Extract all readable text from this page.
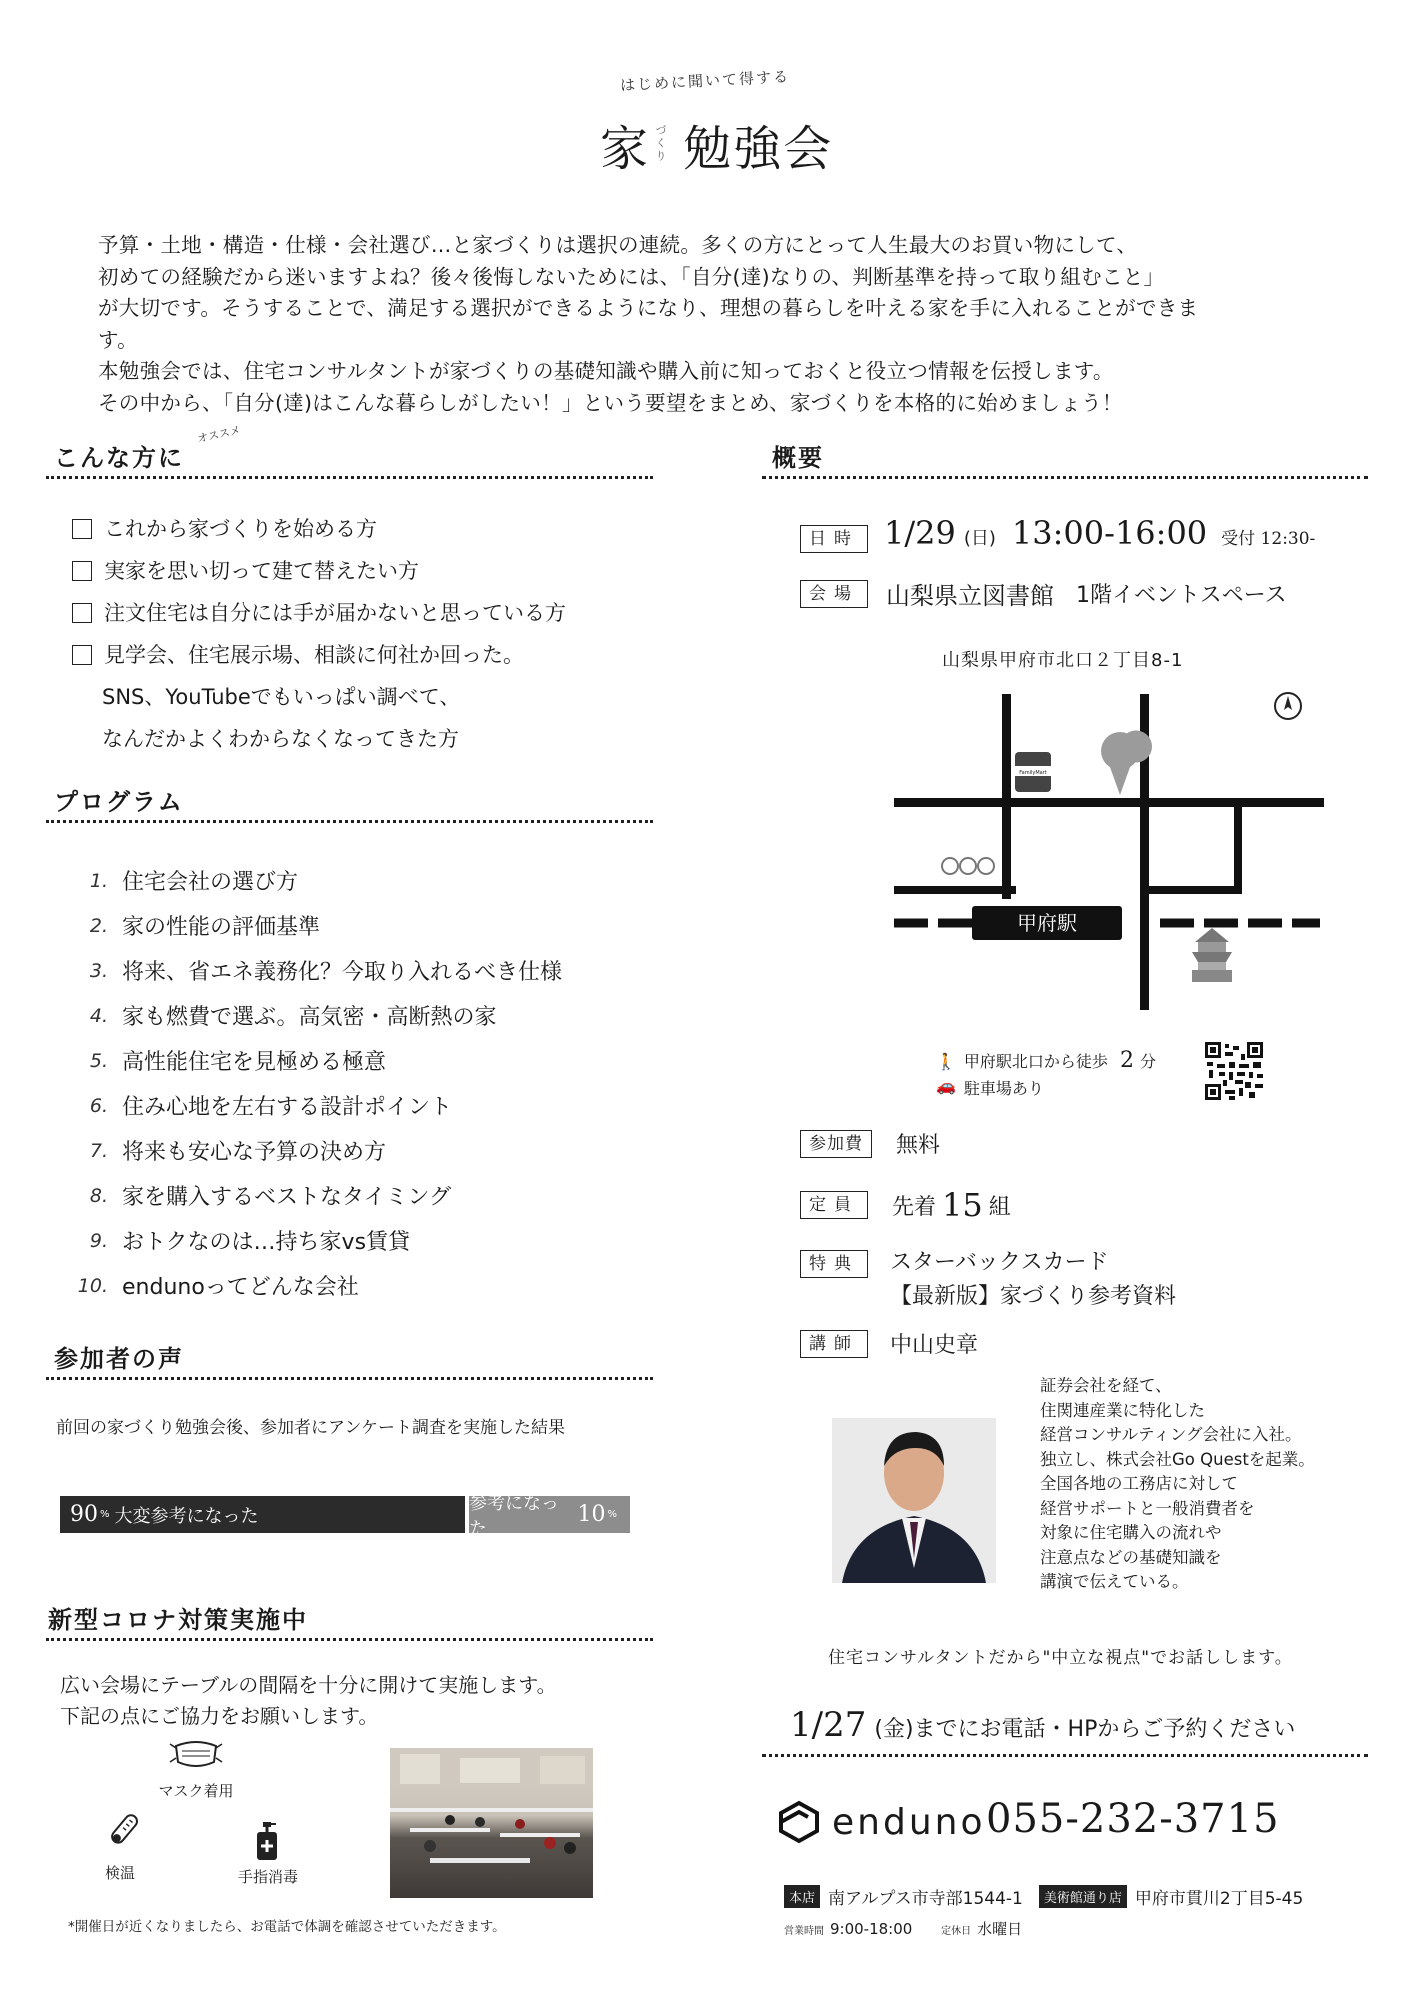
はじめに聞いて得する
家 づくり 勉強会

予算・土地・構造・仕様・会社選び…と家づくりは選択の連続。多くの方にとって人生最大のお買い物にして、

初めての経験だから迷いますよね？後々後悔しないためには、「自分(達)なりの、判断基準を持って取り組むこと」

が大切です。そうすることで、満足する選択ができるようになり、理想の暮らしを叶える家を手に入れることができま

す。

本勉強会では、住宅コンサルタントが家づくりの基礎知識や購入前に知っておくと役立つ情報を伝授します。

その中から、「自分(達)はこんな暮らしがしたい！」という要望をまとめ、家づくりを本格的に始めましょう！

こんな方に
オススメ
これから家づくりを始める方
実家を思い切って建て替えたい方
注文住宅は自分には手が届かないと思っている方
見学会、住宅展示場、相談に何社か回った。
SNS、YouTubeでもいっぱい調べて、
なんだかよくわからなくなってきた方
プログラム
1. 住宅会社の選び方
2. 家の性能の評価基準
3. 将来、省エネ義務化？今取り入れるべき仕様
4. 家も燃費で選ぶ。高気密・高断熱の家
5. 高性能住宅を見極める極意
6. 住み心地を左右する設計ポイント
7. 将来も安心な予算の決め方
8. 家を購入するベストなタイミング
9. おトクなのは…持ち家vs賃貸
10. endunoってどんな会社
参加者の声
前回の家づくり勉強会後、参加者にアンケート調査を実施した結果
90 % 大変参考になった
参考になった
10 %
新型コロナ対策実施中
広い会場にテーブルの間隔を十分に開けて実施します。
下記の点にご協力をお願いします。
マスク着用
検温	手指消毒
*開催日が近くなりましたら、お電話で体調を確認させていただきます。
概要
日時 1/29 (日) 13:00-16:00 受付 12:30-
会場	山梨県立図書館 1階イベントスペース
山梨県甲府市北口２丁目8-1
甲府駅
FamilyMart
🚶 甲府駅北口から徒歩 2 分
🚗 駐車場あり
参加費	無料
定員	先着 15 組
特典	スターバックスカード
【最新版】家づくり参考資料
講師	中山史章
証券会社を経て、
住関連産業に特化した
経営コンサルティング会社に入社。
独立し、株式会社Go Questを起業。
全国各地の工務店に対して
経営サポートと一般消費者を
対象に住宅購入の流れや
注意点などの基礎知識を
講演で伝えている。
住宅コンサルタントだから"中立な視点"でお話しします。
1/27 (金)までにお電話・HPからご予約ください
enduno 055-232-3715
本店 南アルプス市寺部1544-1	美術館通り店 甲府市貫川2丁目5-45
営業時間 9:00-18:00	定休日 水曜日
